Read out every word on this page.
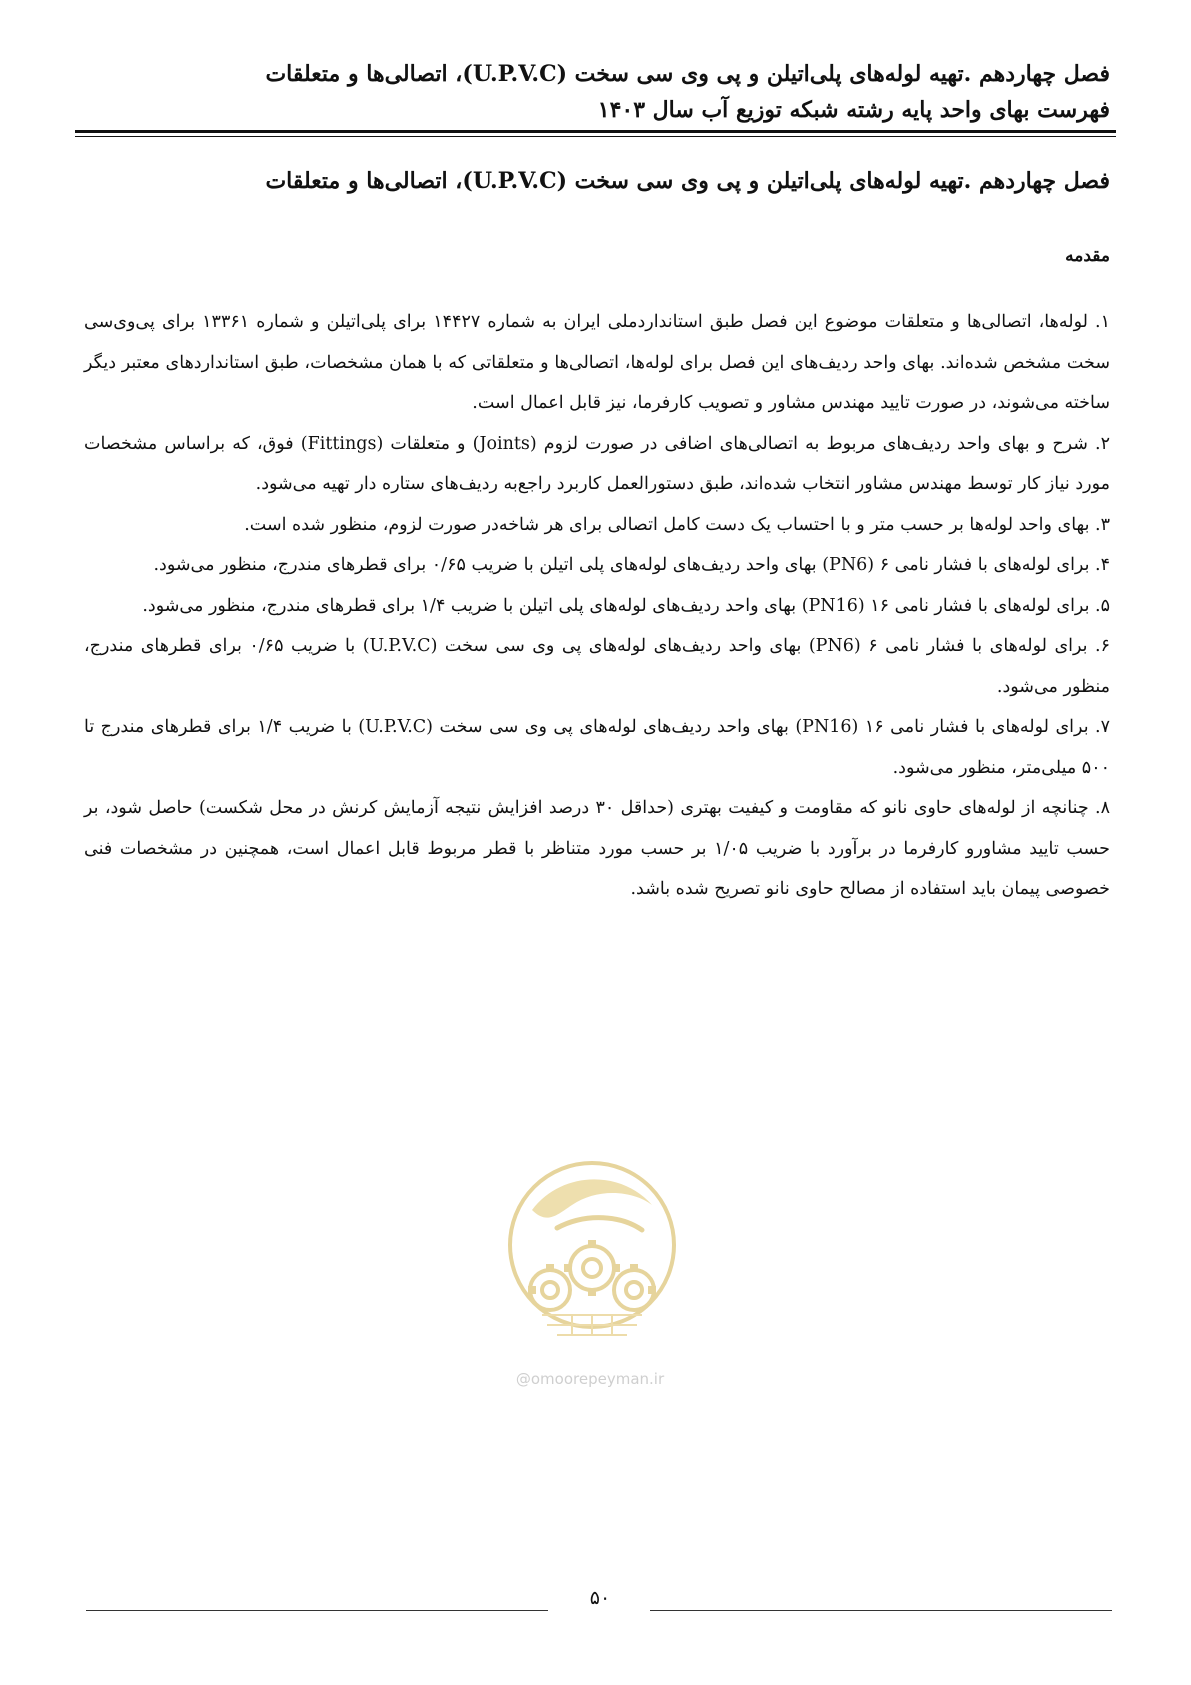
فصل چهاردهم .تهیه لوله‌های پلی‌اتیلن و پی وی سی سخت (U.P.V.C)، اتصالی‌ها و متعلقات
فهرست بهای واحد پایه رشته شبکه توزیع آب سال ۱۴۰۳
فصل چهاردهم .تهیه لوله‌های پلی‌اتیلن و پی وی سی سخت (U.P.V.C)، اتصالی‌ها و متعلقات
مقدمه

۱. لوله‌ها، اتصالی‌ها و متعلقات موضوع این فصل طبق استانداردملی ایران به شماره ۱۴۴۲۷ برای پلی‌اتیلن و شماره ۱۳۳۶۱ برای پی‌وی‌سی سخت مشخص شده‌اند. بهای واحد ردیف‌های این فصل برای لوله‌ها، اتصالی‌ها و متعلقاتی که با همان مشخصات، طبق استانداردهای معتبر دیگر ساخته می‌شوند، در صورت تایید مهندس مشاور و تصویب کارفرما، نیز قابل اعمال است.

۲. شرح و بهای واحد ردیف‌های مربوط به اتصالی‌های اضافی در صورت لزوم (Joints) و متعلقات (Fittings) فوق، که براساس مشخصات مورد نیاز کار توسط مهندس مشاور انتخاب شده‌اند، طبق دستورالعمل کاربرد راجع‌به ردیف‌های ستاره دار تهیه می‌شود.

۳. بهای واحد لوله‌ها بر حسب متر و با احتساب یک دست کامل اتصالی برای هر شاخه‌در صورت لزوم، منظور شده است.

۴. برای لوله‌های با فشار نامی ۶ (PN6) بهای واحد ردیف‌های لوله‌های پلی اتیلن با ضریب ۰/۶۵ برای قطرهای مندرج، منظور می‌شود.

۵. برای لوله‌های با فشار نامی ۱۶ (PN16) بهای واحد ردیف‌های لوله‌های پلی اتیلن با ضریب ۱/۴ برای قطرهای مندرج، منظور می‌شود.

۶. برای لوله‌های با فشار نامی ۶ (PN6) بهای واحد ردیف‌های لوله‌های پی وی سی سخت (U.P.V.C) با ضریب ۰/۶۵ برای قطرهای مندرج، منظور می‌شود.

۷. برای لوله‌های با فشار نامی ۱۶ (PN16) بهای واحد ردیف‌های لوله‌های پی وی سی سخت (U.P.V.C) با ضریب ۱/۴ برای قطرهای مندرج تا ۵۰۰ میلی‌متر، منظور می‌شود.

۸. چنانچه از لوله‌های حاوی نانو که مقاومت و کیفیت بهتری (حداقل ۳۰ درصد افزایش نتیجه آزمایش کرنش در محل شکست) حاصل شود، بر حسب تایید مشاورو کارفرما در برآورد با ضریب ۱/۰۵ بر حسب مورد متناظر با قطر مربوط قابل اعمال است، همچنین در مشخصات فنی خصوصی پیمان باید استفاده از مصالح حاوی نانو تصریح شده باشد.

@omoorepeyman.ir
۵۰
